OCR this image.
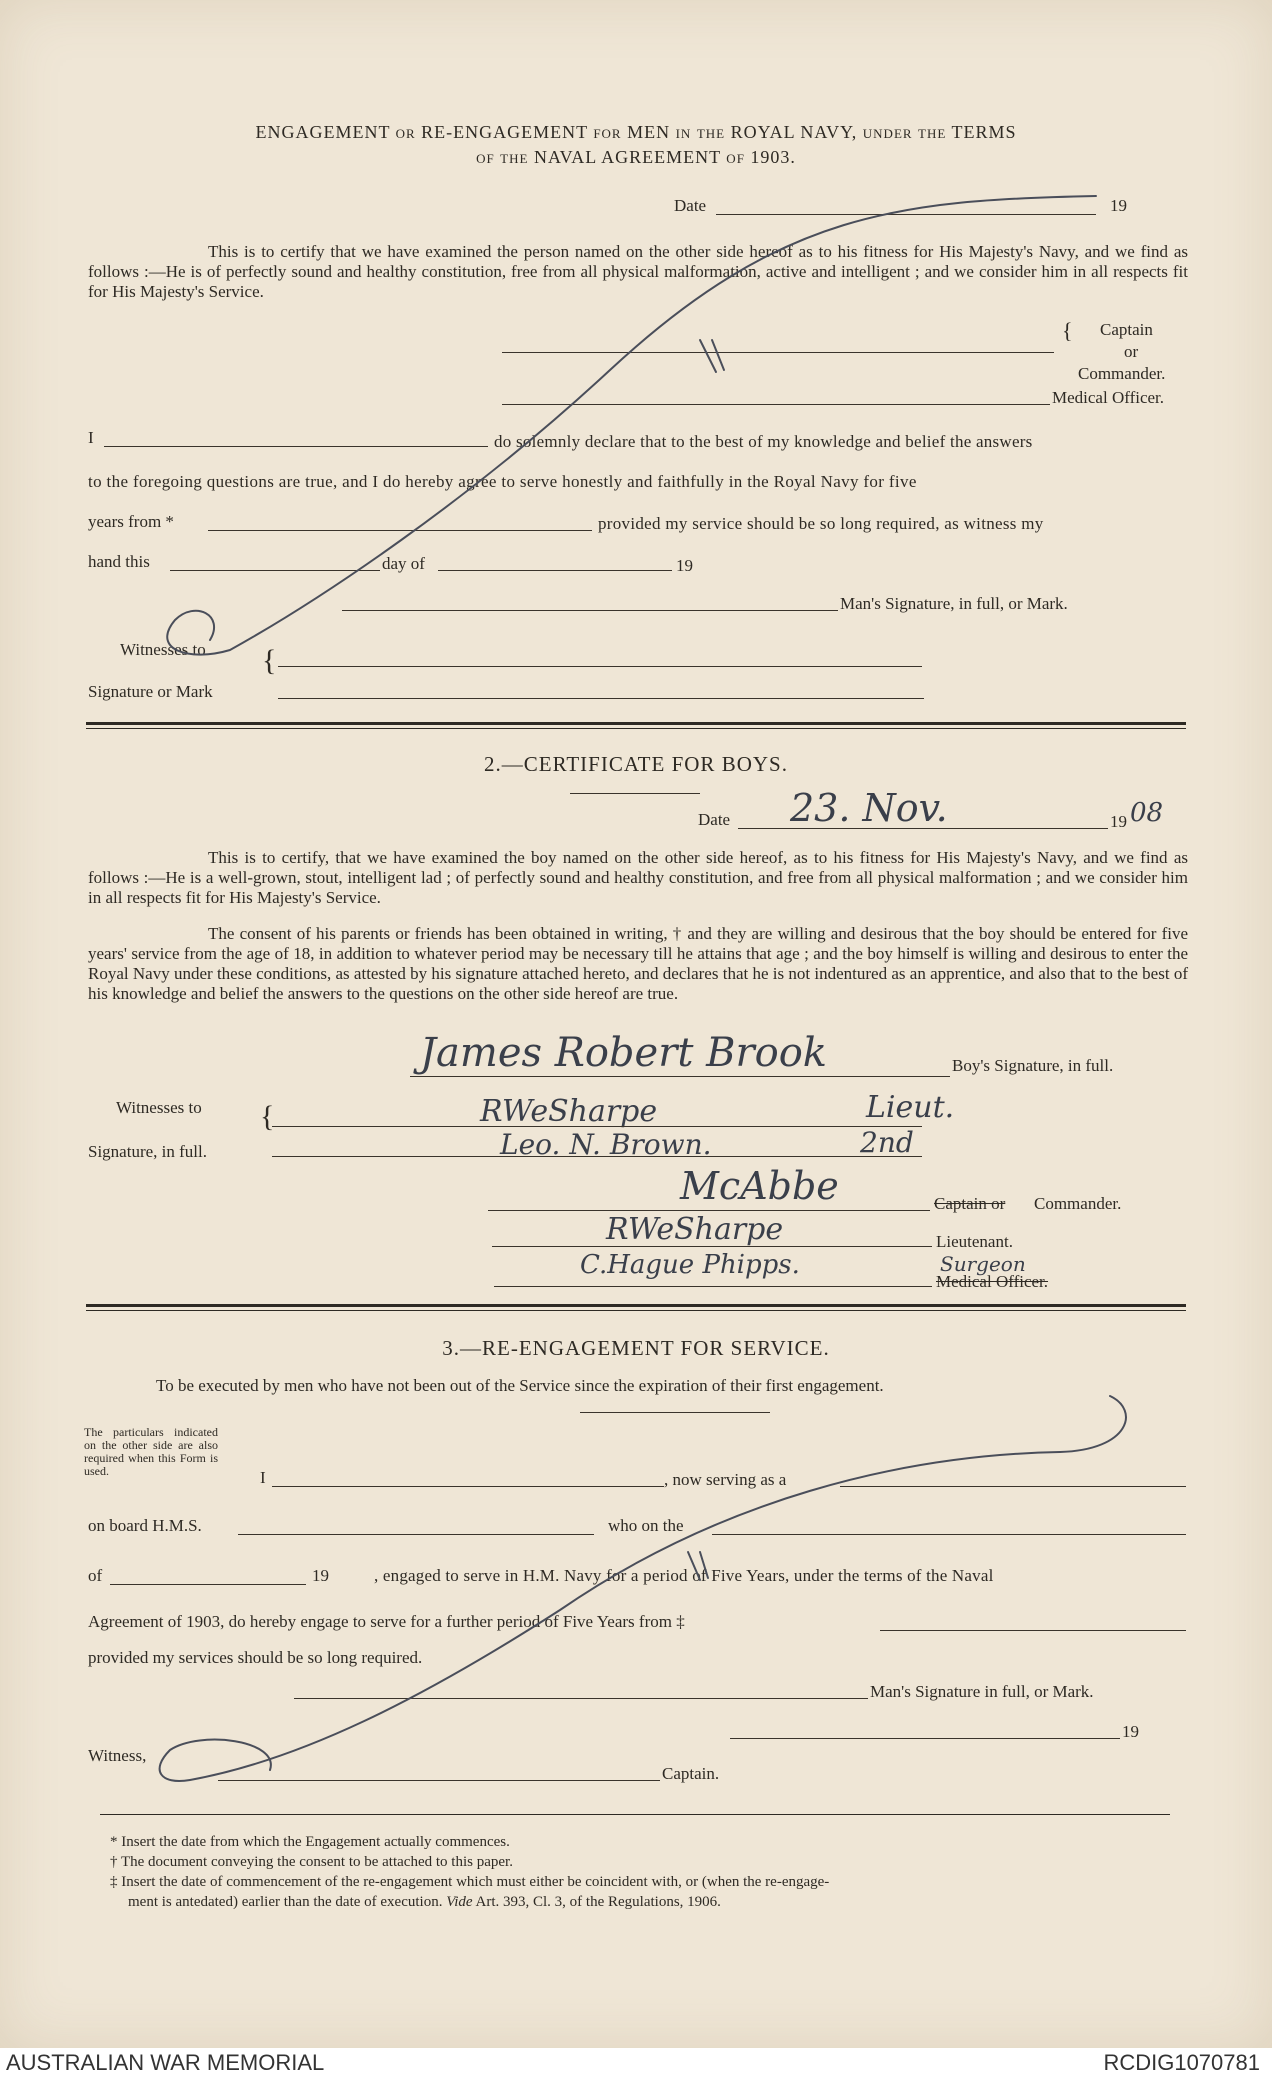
ENGAGEMENT or RE-ENGAGEMENT for MEN in the ROYAL NAVY, under the TERMS
of the NAVAL AGREEMENT of 1903.
Date	19
This is to certify that we have examined the person named on the other side hereof as to his fitness for His Majesty's Navy, and we find as follows :—He is of perfectly sound and healthy constitution, free from all physical malformation, active and intelligent ; and we consider him in all respects fit for His Majesty's Service.
{ Captain
or
Commander.
Medical Officer.
I	do solemnly declare that to the best of my knowledge and belief the answers
to the foregoing questions are true, and I do hereby agree to serve honestly and faithfully in the Royal Navy for five
years from *	provided my service should be so long required, as witness my
hand this	day of	19
Man's Signature, in full, or Mark.
Witnesses to
Signature or Mark
{
2.—CERTIFICATE FOR BOYS.
Date 23. Nov.	19 08
This is to certify, that we have examined the boy named on the other side hereof, as to his fitness for His Majesty's Navy, and we find as follows :—He is a well-grown, stout, intelligent lad ; of perfectly sound and healthy constitution, and free from all physical malformation ; and we consider him in all respects fit for His Majesty's Service.
The consent of his parents or friends has been obtained in writing, † and they are willing and desirous that the boy should be entered for five years' service from the age of 18, in addition to whatever period may be necessary till he attains that age ; and the boy himself is willing and desirous to enter the Royal Navy under these conditions, as attested by his signature attached hereto, and declares that he is not indentured as an apprentice, and also that to the best of his knowledge and belief the answers to the questions on the other side hereof are true.
James Robert Brook	Boy's Signature, in full.
Witnesses to
Signature, in full.
{	RWeSharpe	Lieut.
Leo. N. Brown.	2nd
McAbbe	Captain or Commander.
RWeSharpe	Lieutenant.
C.Hague Phipps.	Surgeon
Medical Officer.
3.—RE-ENGAGEMENT FOR SERVICE.
To be executed by men who have not been out of the Service since the expiration of their first engagement.
The particulars indicated on the other side are also required when this Form is used.	I	, now serving as a
on board H.M.S.	who on the
of	19	, engaged to serve in H.M. Navy for a period of Five Years, under the terms of the Naval
Agreement of 1903, do hereby engage to serve for a further period of Five Years from ‡
provided my services should be so long required.
Man's Signature in full, or Mark.
19
Witness,
Captain.
* Insert the date from which the Engagement actually commences.
† The document conveying the consent to be attached to this paper.
‡ Insert the date of commencement of the re-engagement which must either be coincident with, or (when the re-engage-
ment is antedated) earlier than the date of execution. Vide Art. 393, Cl. 3, of the Regulations, 1906.
AUSTRALIAN WAR MEMORIAL	RCDIG1070781
